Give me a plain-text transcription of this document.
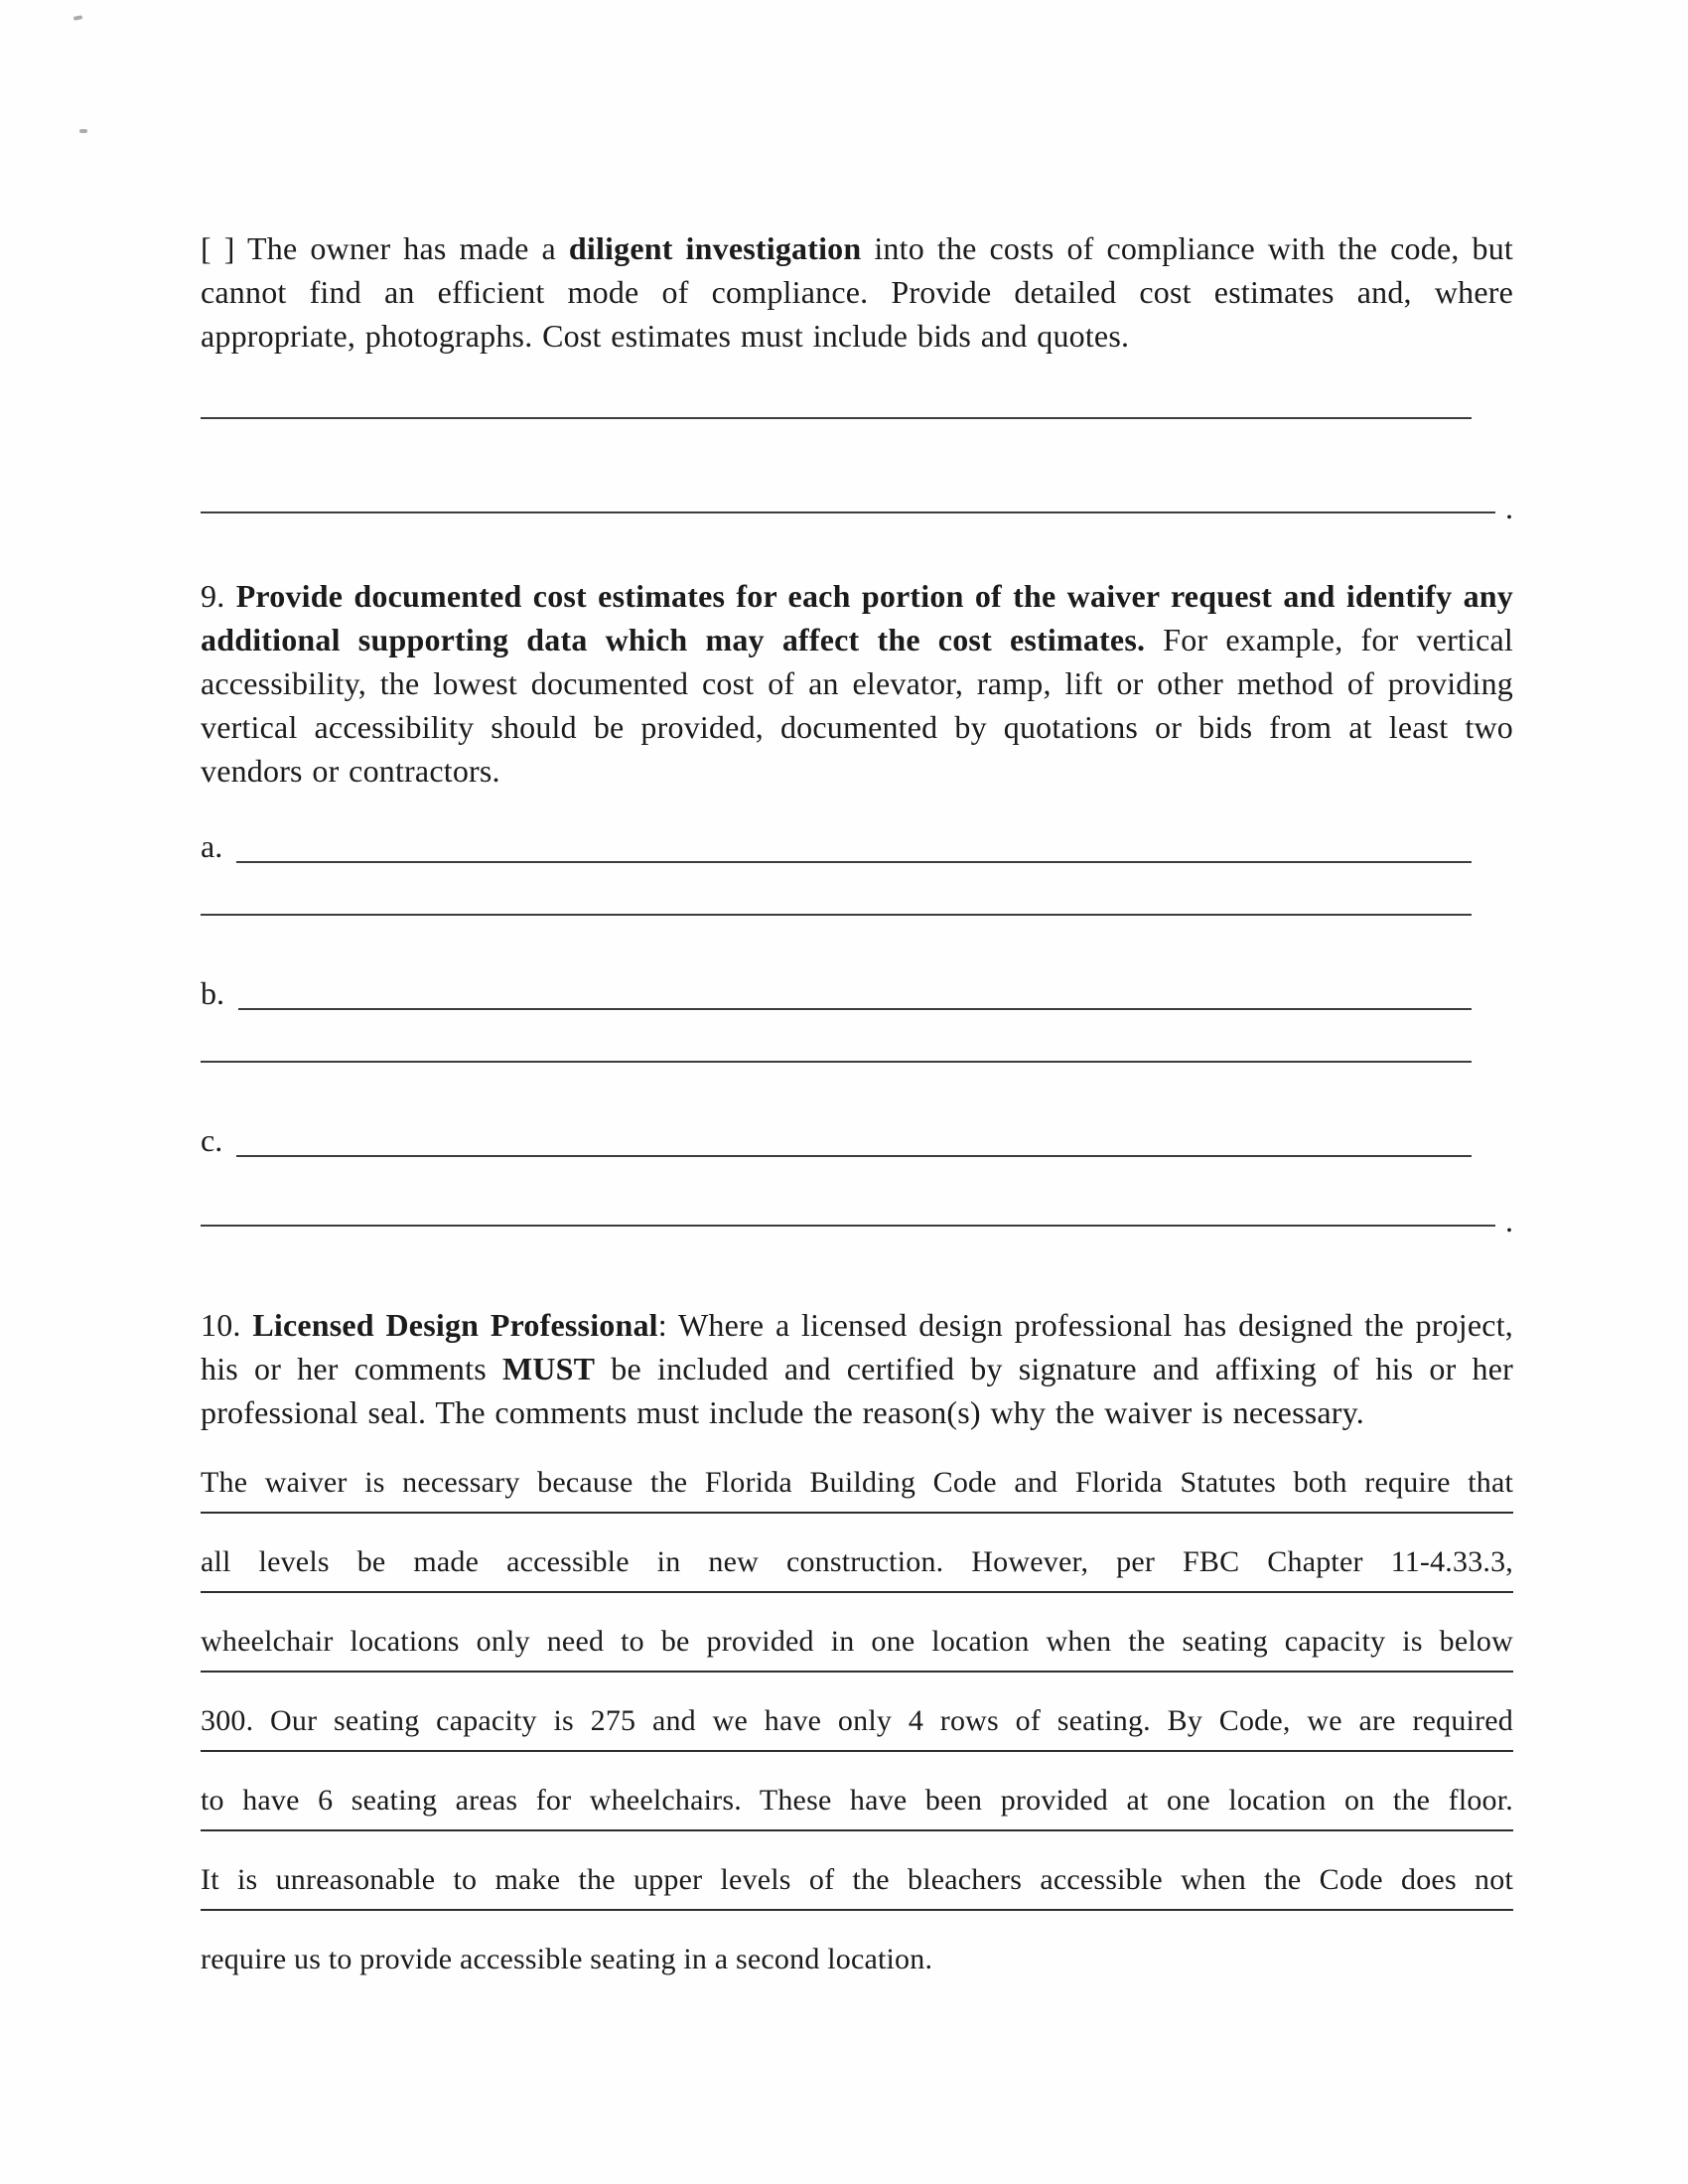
[ ] The owner has made a diligent investigation into the costs of compliance with the code, but cannot find an efficient mode of compliance. Provide detailed cost estimates and, where appropriate, photographs. Cost estimates must include bids and quotes.

.

9. Provide documented cost estimates for each portion of the waiver request and identify any additional supporting data which may affect the cost estimates. For example, for vertical accessibility, the lowest documented cost of an elevator, ramp, lift or other method of providing vertical accessibility should be provided, documented by quotations or bids from at least two vendors or contractors.

a.
b.
c.
.

10. Licensed Design Professional: Where a licensed design professional has designed the project, his or her comments MUST be included and certified by signature and affixing of his or her professional seal. The comments must include the reason(s) why the waiver is necessary.

The waiver is necessary because the Florida Building Code and Florida Statutes both require that
all levels be made accessible in new construction. However, per FBC Chapter 11-4.33.3,
wheelchair locations only need to be provided in one location when the seating capacity is below
300. Our seating capacity is 275 and we have only 4 rows of seating. By Code, we are required
to have 6 seating areas for wheelchairs. These have been provided at one location on the floor.
It is unreasonable to make the upper levels of the bleachers accessible when the Code does not
require us to provide accessible seating in a second location.
